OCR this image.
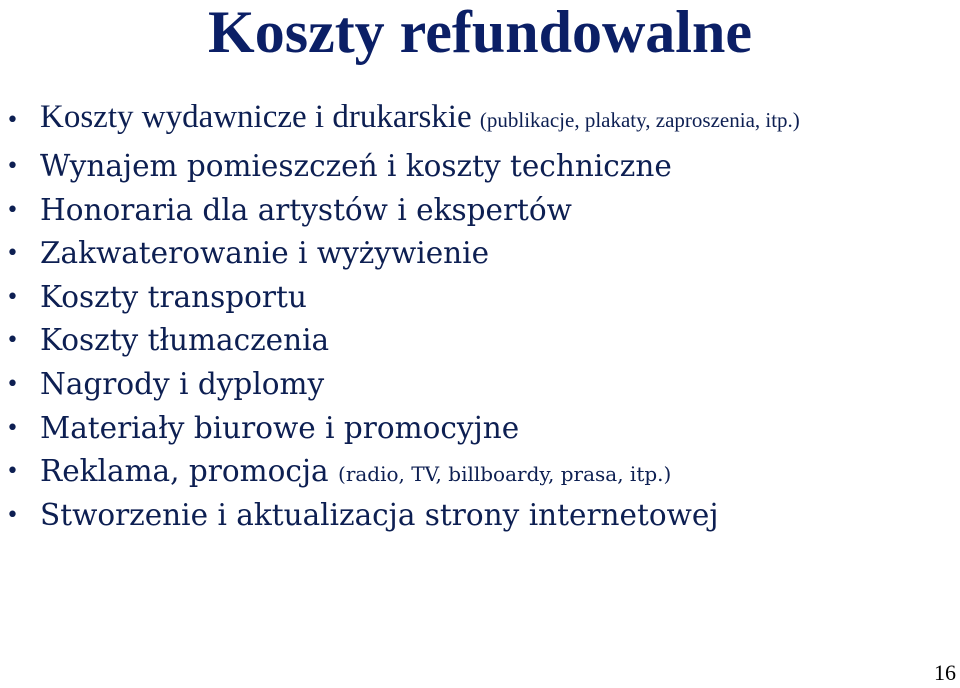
Koszty refundowalne
• Koszty wydawnicze i drukarskie (publikacje, plakaty, zaproszenia, itp.)
• Wynajem pomieszczeń i koszty techniczne
• Honoraria dla artystów i ekspertów
• Zakwaterowanie i wyżywienie
• Koszty transportu
• Koszty tłumaczenia
• Nagrody i dyplomy
• Materiały biurowe i promocyjne
• Reklama, promocja (radio, TV, billboardy, prasa, itp.)
• Stworzenie i aktualizacja strony internetowej
16
